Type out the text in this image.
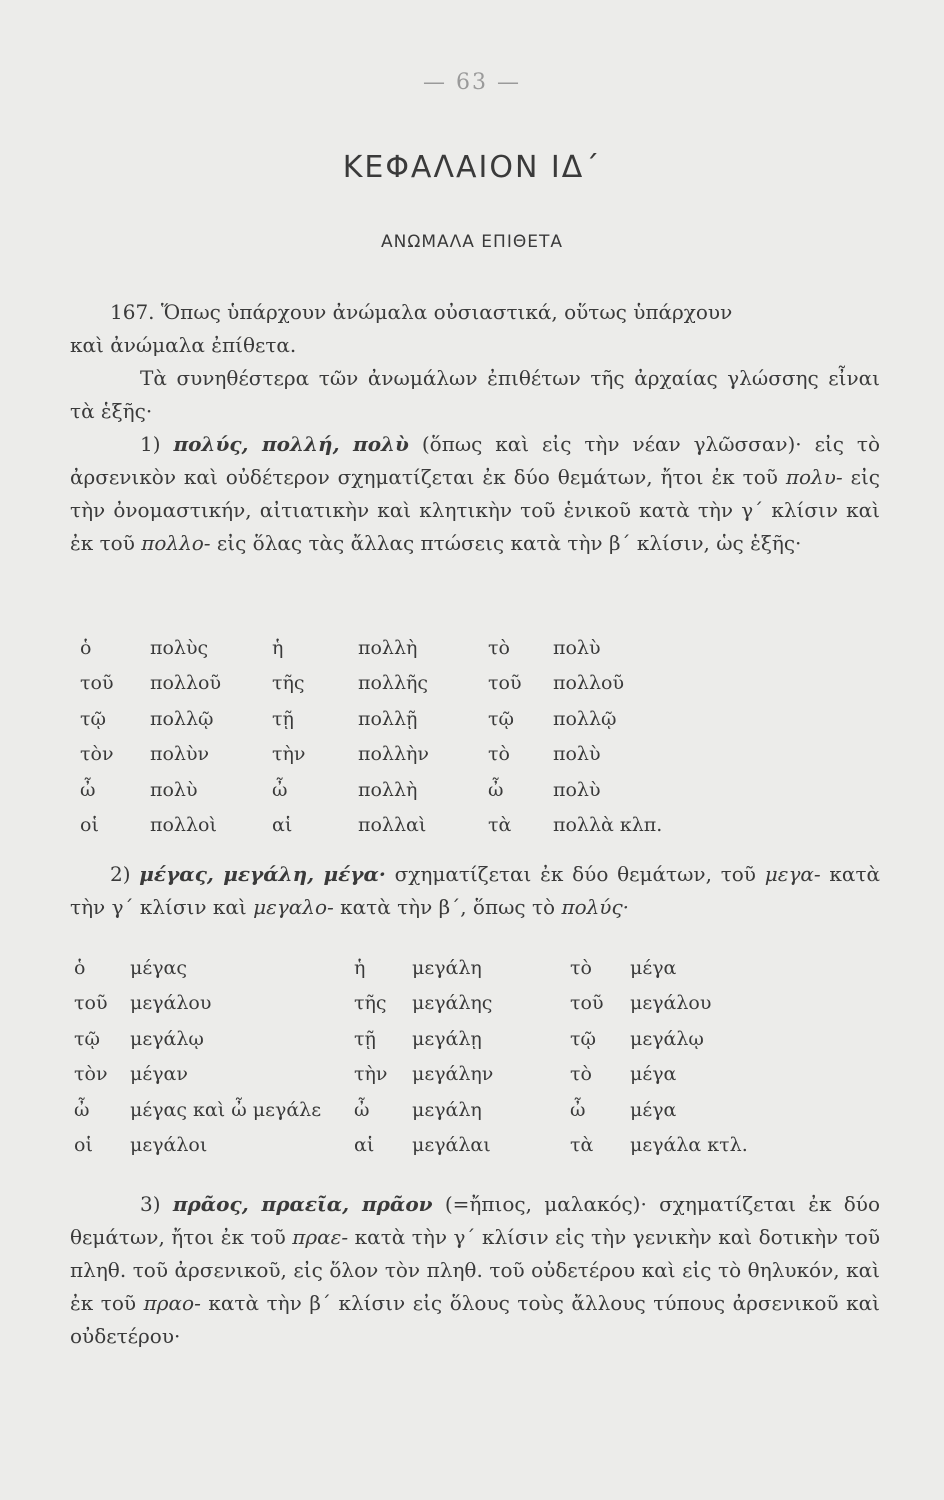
— 63 —
ΚΕΦΑΛΑΙΟΝ ΙΔ΄
ΑΝΩΜΑΛΑ ΕΠΙΘΕΤΑ

167. Ὅπως ὑπάρχουν ἀνώμαλα οὐσιαστικά, οὕτως ὑπάρχουν

καὶ ἀνώμαλα ἐπίθετα.

Τὰ συνηθέστερα τῶν ἀνωμάλων ἐπιθέτων τῆς ἀρχαίας γλώσσης εἶναι τὰ ἑξῆς·

1) πολύς, πολλή, πολὺ (ὅπως καὶ εἰς τὴν νέαν γλῶσσαν)· εἰς τὸ ἀρσενικὸν καὶ οὐδέτερον σχηματίζεται ἐκ δύο θεμάτων, ἤτοι ἐκ τοῦ πολυ- εἰς τὴν ὀνομαστικήν, αἰτιατικὴν καὶ κλητικὴν τοῦ ἑνικοῦ κατὰ τὴν γ΄ κλίσιν καὶ ἐκ τοῦ πολλο- εἰς ὅλας τὰς ἄλλας πτώσεις κατὰ τὴν β΄ κλίσιν, ὡς ἑξῆς·

ὁ	πολὺς	ἡ	πολλὴ	τὸ	πολὺ
τοῦ	πολλοῦ	τῆς	πολλῆς	τοῦ	πολλοῦ
τῷ	πολλῷ	τῇ	πολλῇ	τῷ	πολλῷ
τὸν	πολὺν	τὴν	πολλὴν	τὸ	πολὺ
ὦ	πολὺ	ὦ	πολλὴ	ὦ	πολὺ
οἱ	πολλοὶ	αἱ	πολλαὶ	τὰ	πολλὰ κλπ.

2) μέγας, μεγάλη, μέγα· σχηματίζεται ἐκ δύο θεμάτων, τοῦ μεγα- κατὰ τὴν γ΄ κλίσιν καὶ μεγαλο- κατὰ τὴν β΄, ὅπως τὸ πολύς·

ὁ	μέγας	ἡ	μεγάλη	τὸ	μέγα
τοῦ	μεγάλου	τῆς	μεγάλης	τοῦ	μεγάλου
τῷ	μεγάλῳ	τῇ	μεγάλῃ	τῷ	μεγάλῳ
τὸν	μέγαν	τὴν	μεγάλην	τὸ	μέγα
ὦ	μέγας καὶ ὦ μεγάλε	ὦ	μεγάλη	ὦ	μέγα
οἱ	μεγάλοι	αἱ	μεγάλαι	τὰ	μεγάλα κτλ.

3) πρᾶος, πραεῖα, πρᾶον (=ἤπιος, μαλακός)· σχηματίζεται ἐκ δύο θεμάτων, ἤτοι ἐκ τοῦ πραε- κατὰ τὴν γ΄ κλίσιν εἰς τὴν γενικὴν καὶ δοτικὴν τοῦ πληθ. τοῦ ἀρσενικοῦ, εἰς ὅλον τὸν πληθ. τοῦ οὐδετέρου καὶ εἰς τὸ θηλυκόν, καὶ ἐκ τοῦ πραο- κατὰ τὴν β΄ κλίσιν εἰς ὅλους τοὺς ἄλλους τύπους ἀρσενικοῦ καὶ οὐδετέρου·
